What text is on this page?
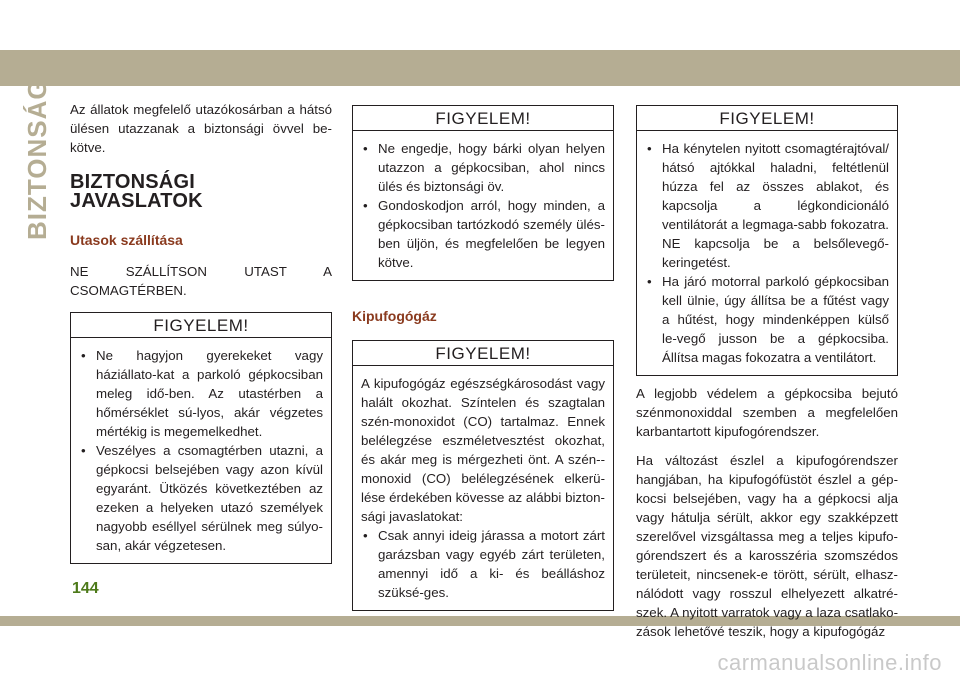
BIZTONSÁG
144
carmanualsonline.info

Az állatok megfelelő utazókosárban a hátsó ülésen utazzanak a biztonsági övvel be-kötve.

BIZTONSÁGI JAVASLATOK
Utasok szállítása

NE SZÁLLÍTSON UTAST A

CSOMAGTÉRBEN.

FIGYELEM!
• Ne hagyjon gyerekeket vagy háziállato-kat a parkoló gépkocsiban meleg idő-ben. Az utastérben a hőmérséklet sú-lyos, akár végzetes mértékig is megemelkedhet.
• Veszélyes a csomagtérben utazni, a gépkocsi belsejében vagy azon kívül egyaránt. Ütközés következtében az ezeken a helyeken utazó személyek nagyobb eséllyel sérülnek meg súlyo-san, akár végzetesen.
FIGYELEM!
• Ne engedje, hogy bárki olyan helyen utazzon a gépkocsiban, ahol nincs ülés és biztonsági öv.
• Gondoskodjon arról, hogy minden, a gépkocsiban tartózkodó személy ülés-ben üljön, és megfelelően be legyen kötve.
Kipufogógáz
FIGYELEM!

A kipufogógáz egészségkárosodást vagy halált okozhat. Színtelen és szagtalan szén-monoxidot (CO) tartalmaz. Ennek belélegzése eszméletvesztést okozhat, és akár meg is mérgezheti önt. A szén--monoxid (CO) belélegzésének elkerü-lése érdekében kövesse az alábbi bizton-sági javaslatokat:

• Csak annyi ideig járassa a motort zárt garázsban vagy egyéb zárt területen, amennyi idő a ki- és beálláshoz szüksé-ges.
FIGYELEM!
• Ha kénytelen nyitott csomagtérajtóval/ hátsó ajtókkal haladni, feltétlenül húzza fel az összes ablakot, és kapcsolja a légkondicionáló ventilátorát a legmaga-sabb fokozatra. NE kapcsolja be a belsőlevegő-keringetést.
• Ha járó motorral parkoló gépkocsiban kell ülnie, úgy állítsa be a fűtést vagy a hűtést, hogy mindenképpen külső le-vegő jusson be a gépkocsiba. Állítsa magas fokozatra a ventilátort.

A legjobb védelem a gépkocsiba bejutó szénmonoxiddal szemben a megfelelően karbantartott kipufogórendszer.

Ha változást észlel a kipufogórendszer hangjában, ha kipufogófüstöt észlel a gép-kocsi belsejében, vagy ha a gépkocsi alja vagy hátulja sérült, akkor egy szakképzett szerelővel vizsgáltassa meg a teljes kipufo-górendszert és a karosszéria szomszédos területeit, nincsenek-e törött, sérült, elhasz-nálódott vagy rosszul elhelyezett alkatré-szek. A nyitott varratok vagy a laza csatlako-zások lehetővé teszik, hogy a kipufogógáz
